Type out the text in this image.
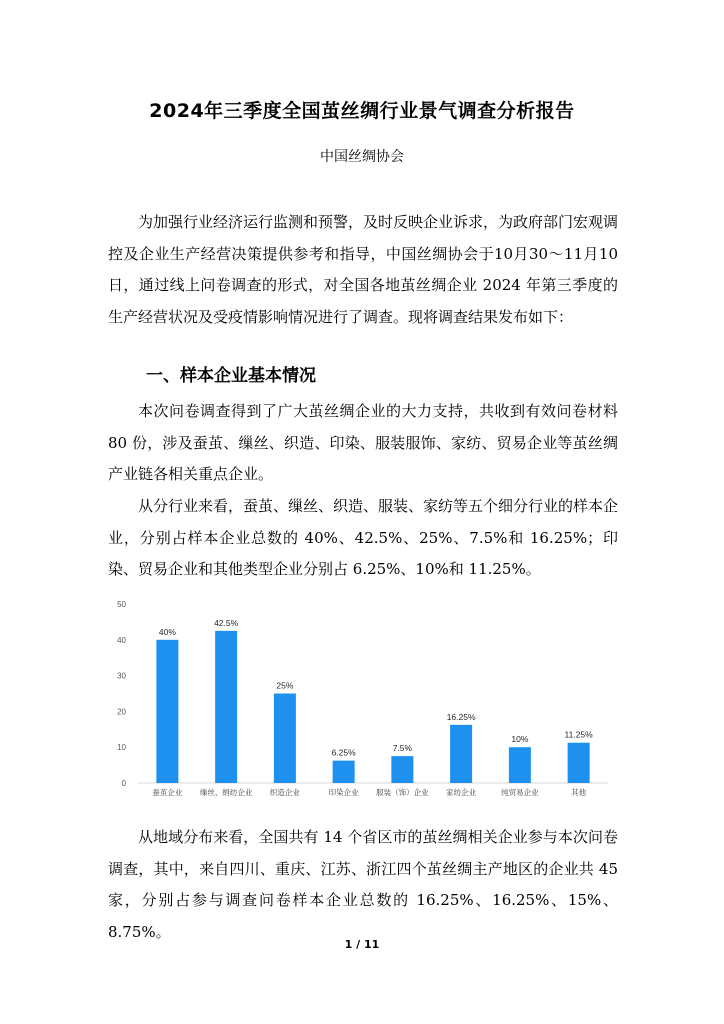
2024年三季度全国茧丝绸行业景气调查分析报告
中国丝绸协会

为加强行业经济运行监测和预警，及时反映企业诉求，为政府部门宏观调控及企业生产经营决策提供参考和指导，中国丝绸协会于10月30～11月10日，通过线上问卷调查的形式，对全国各地茧丝绸企业 2024 年第三季度的生产经营状况及受疫情影响情况进行了调查。现将调查结果发布如下：

一、样本企业基本情况

本次问卷调查得到了广大茧丝绸企业的大力支持，共收到有效问卷材料 80 份，涉及蚕茧、缫丝、织造、印染、服装服饰、家纺、贸易企业等茧丝绸产业链各相关重点企业。

从分行业来看，蚕茧、缫丝、织造、服装、家纺等五个细分行业的样本企业，分别占样本企业总数的 40%、42.5%、25%、7.5%和 16.25%；印染、贸易企业和其他类型企业分别占 6.25%、10%和 11.25%。

0
10
20
30
40
50
40%
蚕茧企业
42.5%
缫丝、绢纺企业
25%
织造企业
6.25%
印染企业
7.5%
服装（饰）企业
16.25%
家纺企业
10%
纯贸易企业
11.25%
其他

从地域分布来看，全国共有 14 个省区市的茧丝绸相关企业参与本次问卷调查，其中，来自四川、重庆、江苏、浙江四个茧丝绸主产地区的企业共 45 家，分别占参与调查问卷样本企业总数的 16.25%、16.25%、15%、8.75%。

1 / 11
